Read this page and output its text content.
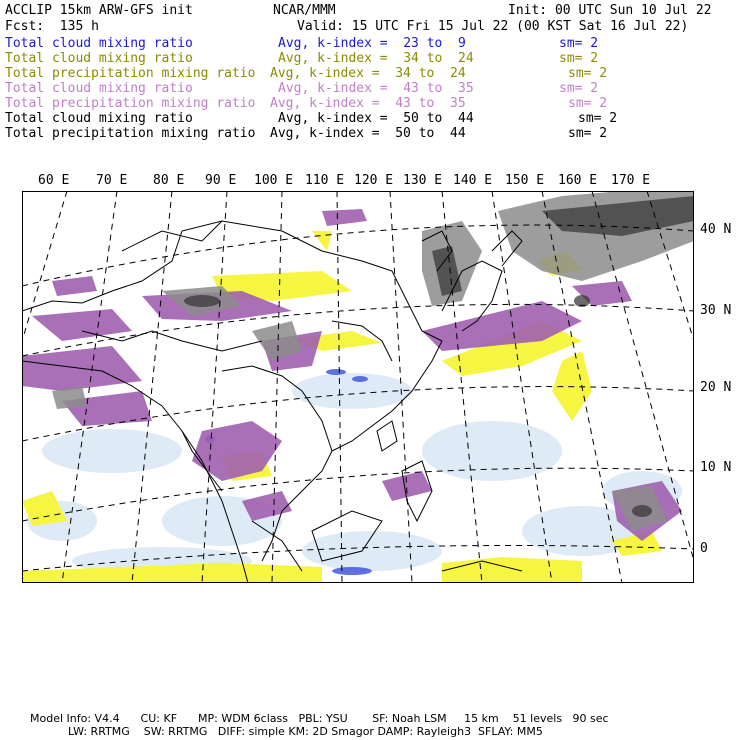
ACCLIP 15km ARW-GFS init	NCAR/MMM	Init: 00 UTC Sun 10 Jul 22
Fcst:  135 h	Valid: 15 UTC Fri 15 Jul 22 (00 KST Sat 16 Jul 22)
Total cloud mixing ratio	Avg, k-index =  23 to  9	sm= 2
Total cloud mixing ratio	Avg, k-index =  34 to  24	sm= 2
Total precipitation mixing ratio Avg, k-index =  34 to  24	sm= 2
Total cloud mixing ratio	Avg, k-index =  43 to  35	sm= 2
Total precipitation mixing ratio Avg, k-index =  43 to  35	sm= 2
Total cloud mixing ratio	Avg, k-index =  50 to  44	sm= 2
Total precipitation mixing ratio Avg, k-index =  50 to  44	sm= 2
60 E 70 E 80 E 90 E 100 E 110 E 120 E 130 E 140 E 150 E 160 E 170 E
40 N
30 N
20 N
10 N
0
Model Info: V4.4      CU: KF      MP: WDM 6class   PBL: YSU       SF: Noah LSM     15 km    51 levels   90 sec
LW: RRTMG    SW: RRTMG   DIFF: simple KM: 2D Smagor DAMP: Rayleigh3  SFLAY: MM5
